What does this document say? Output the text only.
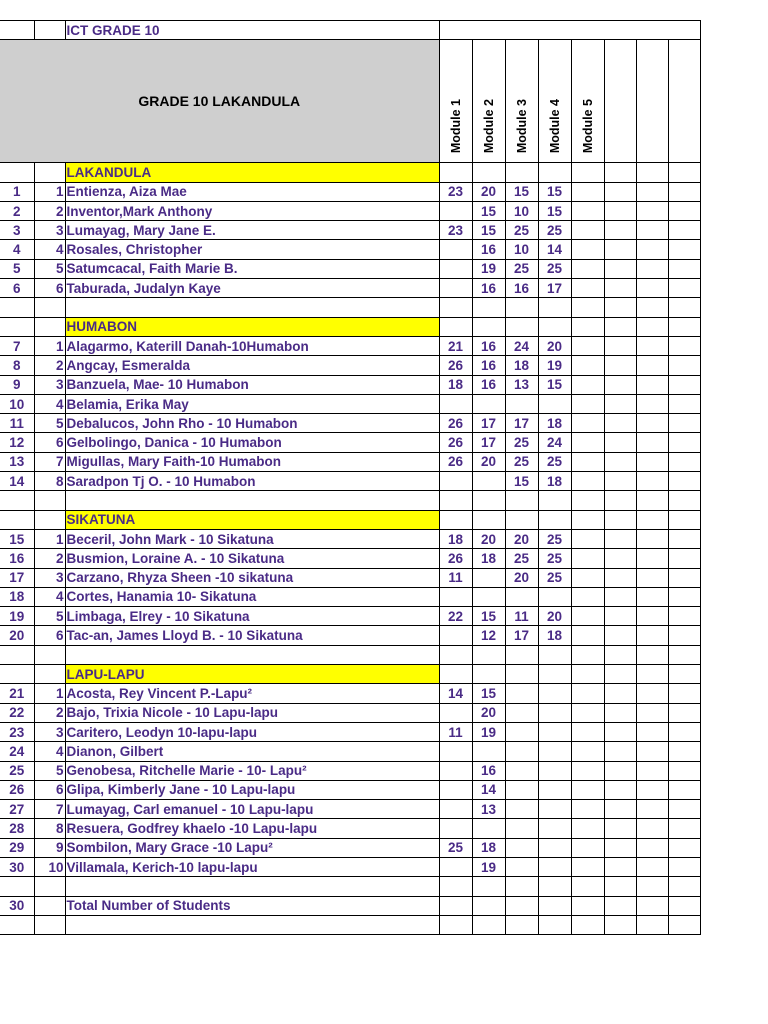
		ICT GRADE 10								

GRADE 10 LAKANDULA			Module 1	Module 2	Module 3	Module 4	Module 5			
		LAKANDULA								
1	1	Entienza, Aiza Mae	23	20	15	15				
2	2	Inventor,Mark Anthony		15	10	15				
3	3	Lumayag, Mary Jane E.	23	15	25	25				
4	4	Rosales, Christopher		16	10	14				
5	5	Satumcacal, Faith Marie B.		19	25	25				
6	6	Taburada, Judalyn Kaye		16	16	17				

		HUMABON								
7	1	Alagarmo, Katerill Danah-10Humabon	21	16	24	20				
8	2	Angcay, Esmeralda	26	16	18	19				
9	3	Banzuela, Mae- 10 Humabon	18	16	13	15				
10	4	Belamia, Erika May								
11	5	Debalucos, John Rho - 10 Humabon	26	17	17	18				
12	6	Gelbolingo, Danica - 10 Humabon	26	17	25	24				
13	7	Migullas, Mary Faith-10 Humabon	26	20	25	25				
14	8	Saradpon Tj O. - 10 Humabon			15	18				

		SIKATUNA								
15	1	Beceril, John Mark - 10 Sikatuna	18	20	20	25				
16	2	Busmion, Loraine A. - 10 Sikatuna	26	18	25	25				
17	3	Carzano, Rhyza Sheen -10 sikatuna	11		20	25				
18	4	Cortes, Hanamia 10- Sikatuna								
19	5	Limbaga, Elrey - 10 Sikatuna	22	15	11	20				
20	6	Tac-an, James Lloyd B. - 10 Sikatuna		12	17	18				

		LAPU-LAPU								
21	1	Acosta, Rey Vincent P.-Lapu²	14	15						
22	2	Bajo, Trixia Nicole - 10 Lapu-lapu		20						
23	3	Caritero, Leodyn 10-lapu-lapu	11	19						
24	4	Dianon, Gilbert								
25	5	Genobesa, Ritchelle Marie - 10- Lapu²		16						
26	6	Glipa, Kimberly Jane - 10 Lapu-lapu		14						
27	7	Lumayag, Carl emanuel - 10 Lapu-lapu		13						
28	8	Resuera, Godfrey khaelo -10 Lapu-lapu								
29	9	Sombilon, Mary Grace -10 Lapu²	25	18						
30	10	Villamala, Kerich-10 lapu-lapu		19						

30		Total Number of Students								
